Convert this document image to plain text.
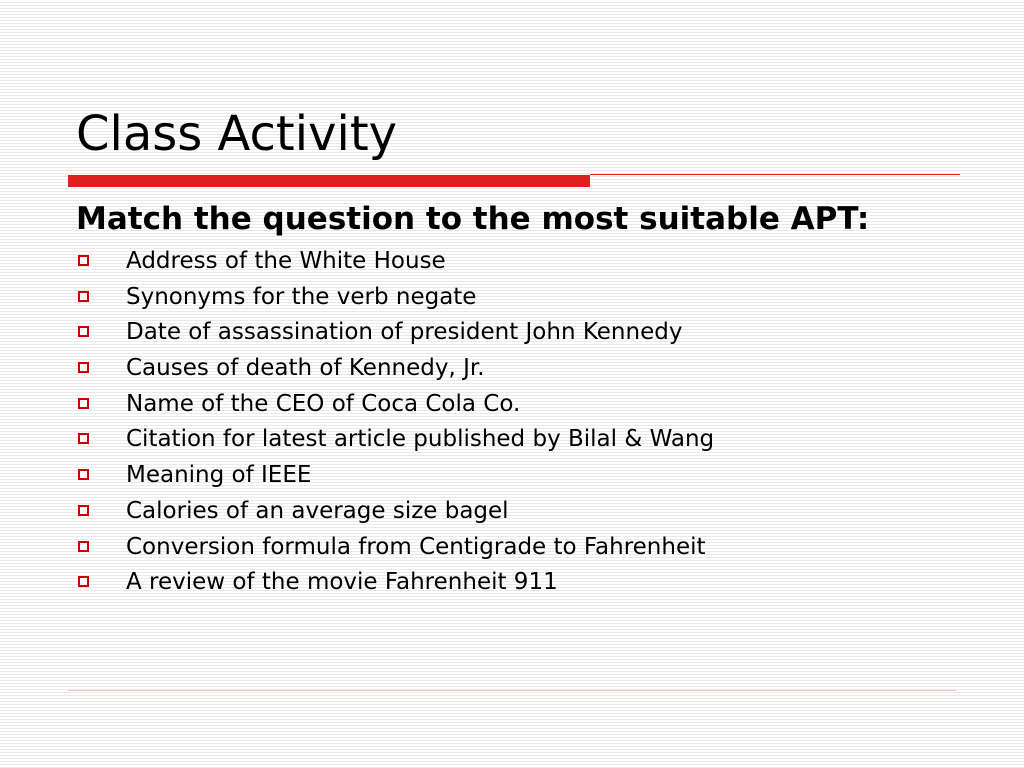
Class Activity

Match the question to the most suitable APT:

Address of the White House
Synonyms for the verb negate
Date of assassination of president John Kennedy
Causes of death of Kennedy, Jr.
Name of the CEO of Coca Cola Co.
Citation for latest article published by Bilal & Wang
Meaning of IEEE
Calories of an average size bagel
Conversion formula from Centigrade to Fahrenheit
A review of the movie Fahrenheit 911
